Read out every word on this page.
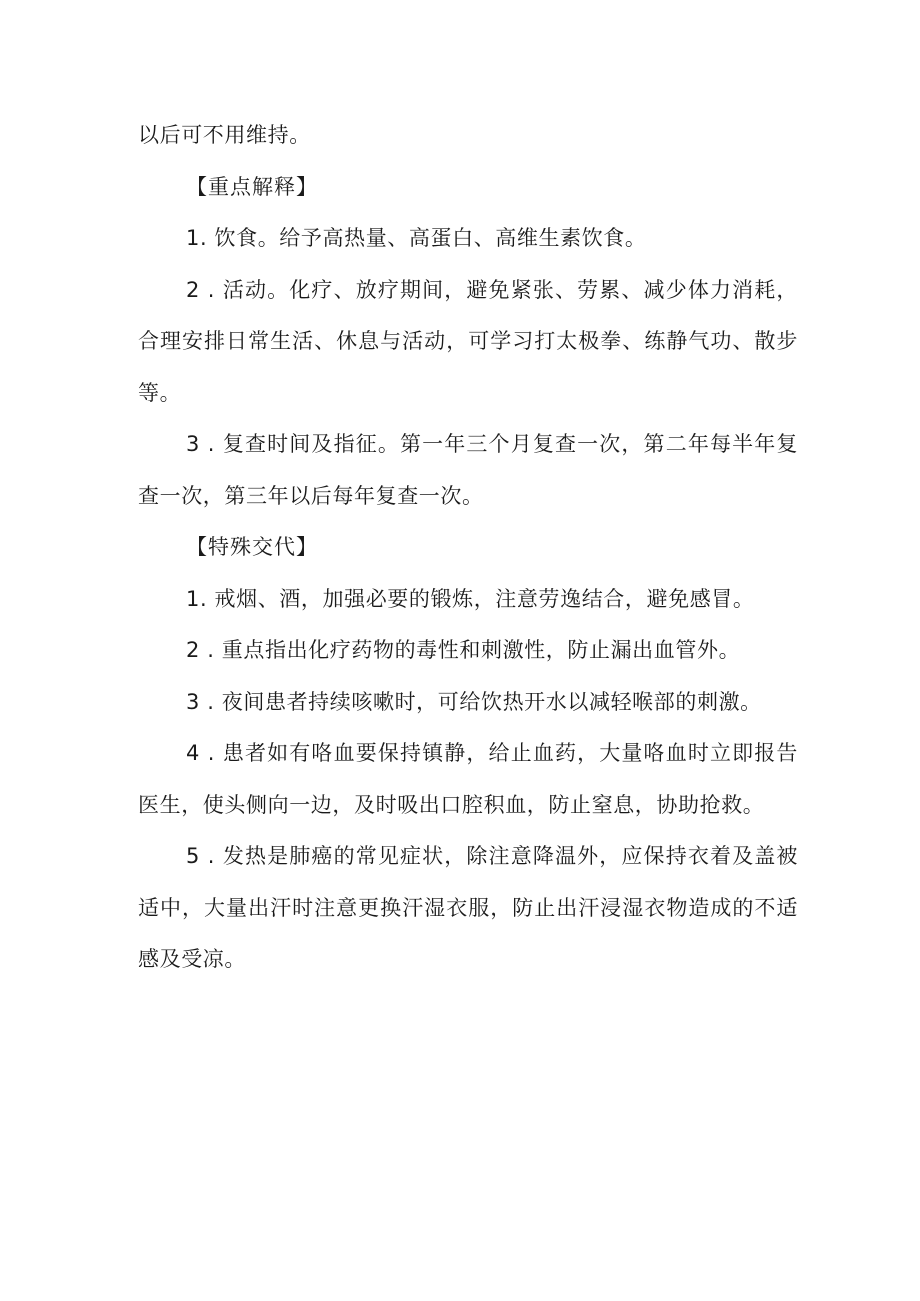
以后可不用维持。

【重点解释】

1. 饮食。给予高热量、高蛋白、高维生素饮食。

2 . 活动。化疗、放疗期间，避免紧张、劳累、减少体力消耗，合理安排日常生活、休息与活动，可学习打太极拳、练静气功、散步等。

3 . 复查时间及指征。第一年三个月复查一次，第二年每半年复查一次，第三年以后每年复查一次。

【特殊交代】

1. 戒烟、酒，加强必要的锻炼，注意劳逸结合，避免感冒。

2 . 重点指出化疗药物的毒性和刺激性，防止漏出血管外。

3 . 夜间患者持续咳嗽时，可给饮热开水以减轻喉部的刺激。

4 . 患者如有咯血要保持镇静，给止血药，大量咯血时立即报告医生，使头侧向一边，及时吸出口腔积血，防止窒息，协助抢救。

5 . 发热是肺癌的常见症状，除注意降温外，应保持衣着及盖被适中，大量出汗时注意更换汗湿衣服，防止出汗浸湿衣物造成的不适感及受凉。
